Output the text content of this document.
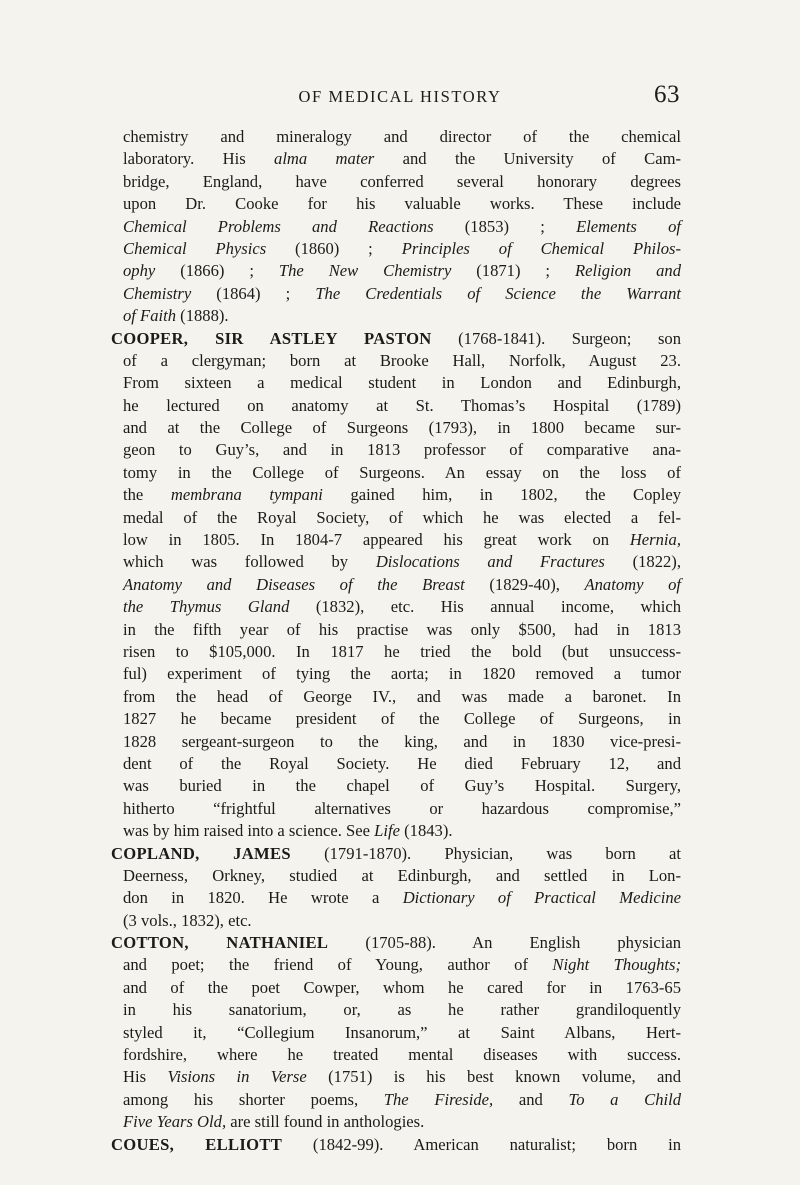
OF MEDICAL HISTORY	63
chemistry and mineralogy and director of the chemical
laboratory. His alma mater and the University of Cam-
bridge, England, have conferred several honorary degrees
upon Dr. Cooke for his valuable works. These include
Chemical Problems and Reactions (1853) ; Elements of
Chemical Physics (1860) ; Principles of Chemical Philos-
ophy (1866) ; The New Chemistry (1871) ; Religion and
Chemistry (1864) ; The Credentials of Science the Warrant
of Faith (1888).
COOPER, SIR ASTLEY PASTON (1768-1841). Surgeon; son
of a clergyman; born at Brooke Hall, Norfolk, August 23.
From sixteen a medical student in London and Edinburgh,
he lectured on anatomy at St. Thomas’s Hospital (1789)
and at the College of Surgeons (1793), in 1800 became sur-
geon to Guy’s, and in 1813 professor of comparative ana-
tomy in the College of Surgeons. An essay on the loss of
the membrana tympani gained him, in 1802, the Copley
medal of the Royal Society, of which he was elected a fel-
low in 1805. In 1804-7 appeared his great work on Hernia,
which was followed by Dislocations and Fractures (1822),
Anatomy and Diseases of the Breast (1829-40), Anatomy of
the Thymus Gland (1832), etc. His annual income, which
in the fifth year of his practise was only $500, had in 1813
risen to $105,000. In 1817 he tried the bold (but unsuccess-
ful) experiment of tying the aorta; in 1820 removed a tumor
from the head of George IV., and was made a baronet. In
1827 he became president of the College of Surgeons, in
1828 sergeant-surgeon to the king, and in 1830 vice-presi-
dent of the Royal Society. He died February 12, and
was buried in the chapel of Guy’s Hospital. Surgery,
hitherto “frightful alternatives or hazardous compromise,”
was by him raised into a science. See Life (1843).
COPLAND, JAMES (1791-1870). Physician, was born at
Deerness, Orkney, studied at Edinburgh, and settled in Lon-
don in 1820. He wrote a Dictionary of Practical Medicine
(3 vols., 1832), etc.
COTTON, NATHANIEL (1705-88). An English physician
and poet; the friend of Young, author of Night Thoughts;
and of the poet Cowper, whom he cared for in 1763-65
in his sanatorium, or, as he rather grandiloquently
styled it, “Collegium Insanorum,” at Saint Albans, Hert-
fordshire, where he treated mental diseases with success.
His Visions in Verse (1751) is his best known volume, and
among his shorter poems, The Fireside, and To a Child
Five Years Old, are still found in anthologies.
COUES, ELLIOTT (1842-99). American naturalist; born in
